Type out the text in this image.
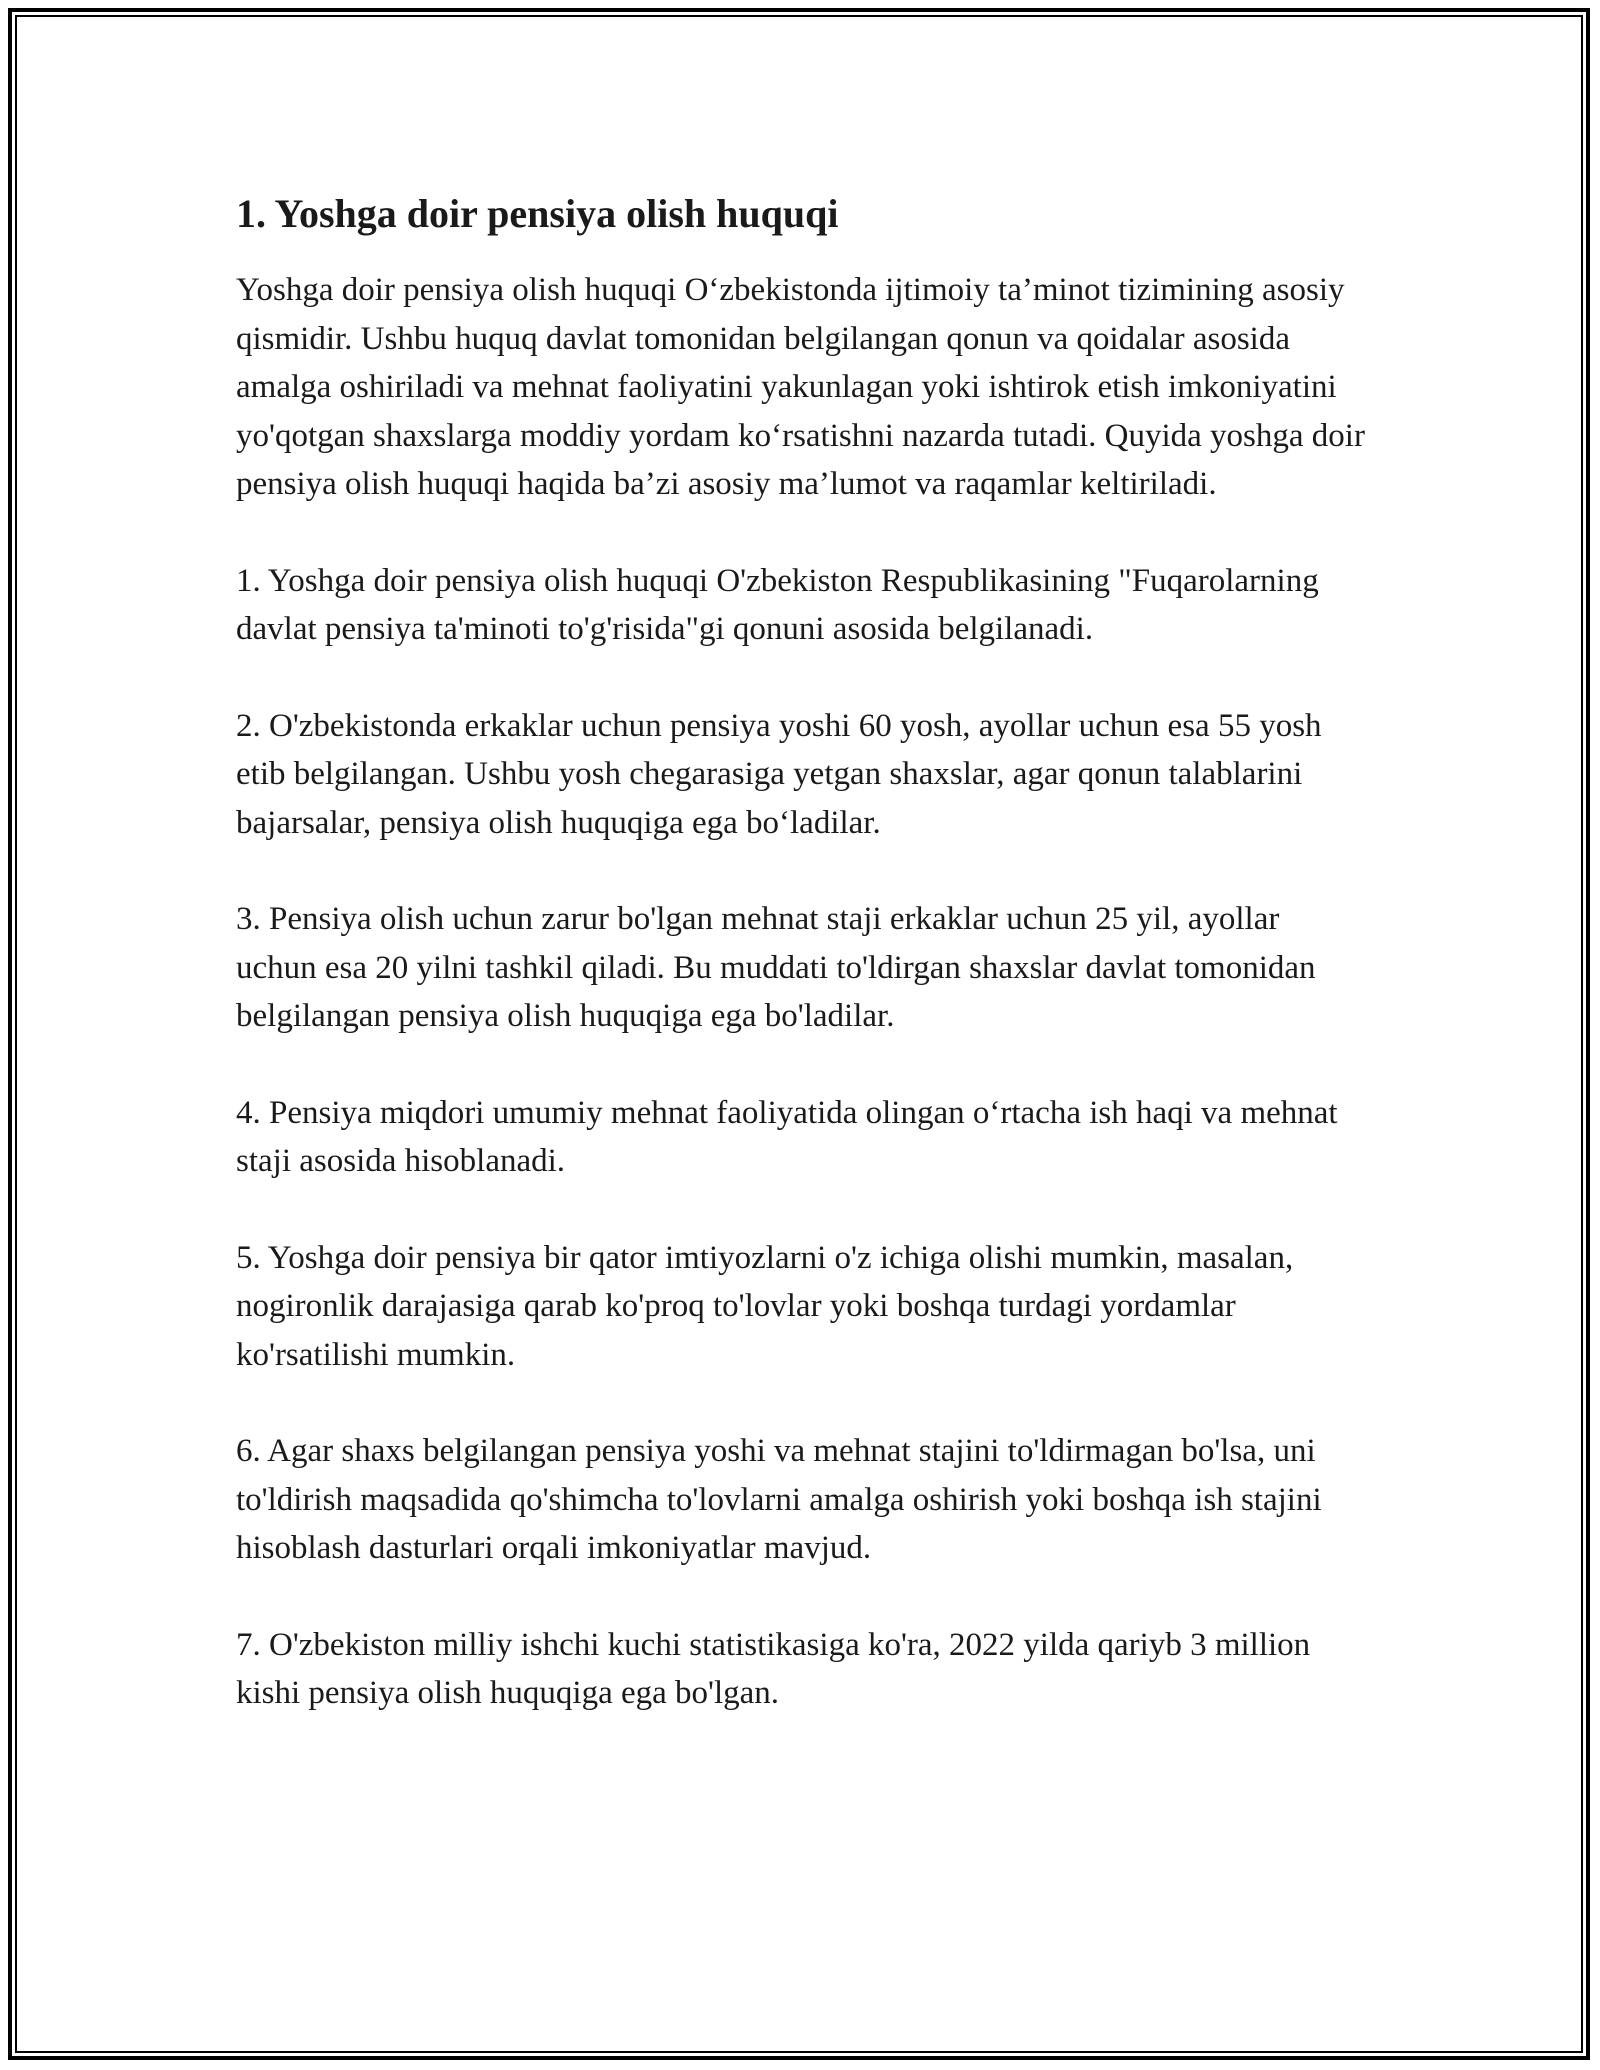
1. Yoshga doir pensiya olish huquqi

Yoshga doir pensiya olish huquqi O‘zbekistonda ijtimoiy ta’minot tizimining asosiy qismidir. Ushbu huquq davlat tomonidan belgilangan qonun va qoidalar asosida amalga oshiriladi va mehnat faoliyatini yakunlagan yoki ishtirok etish imkoniyatini yo'qotgan shaxslarga moddiy yordam ko‘rsatishni nazarda tutadi. Quyida yoshga doir pensiya olish huquqi haqida ba’zi asosiy ma’lumot va raqamlar keltiriladi.

1. Yoshga doir pensiya olish huquqi O'zbekiston Respublikasining "Fuqarolarning davlat pensiya ta'minoti to'g'risida"gi qonuni asosida belgilanadi.

2. O'zbekistonda erkaklar uchun pensiya yoshi 60 yosh, ayollar uchun esa 55 yosh etib belgilangan. Ushbu yosh chegarasiga yetgan shaxslar, agar qonun talablarini bajarsalar, pensiya olish huquqiga ega bo‘ladilar.

3. Pensiya olish uchun zarur bo'lgan mehnat staji erkaklar uchun 25 yil, ayollar uchun esa 20 yilni tashkil qiladi. Bu muddati to'ldirgan shaxslar davlat tomonidan belgilangan pensiya olish huquqiga ega bo'ladilar.

4. Pensiya miqdori umumiy mehnat faoliyatida olingan o‘rtacha ish haqi va mehnat staji asosida hisoblanadi.

5. Yoshga doir pensiya bir qator imtiyozlarni o'z ichiga olishi mumkin, masalan, nogironlik darajasiga qarab ko'proq to'lovlar yoki boshqa turdagi yordamlar ko'rsatilishi mumkin.

6. Agar shaxs belgilangan pensiya yoshi va mehnat stajini to'ldirmagan bo'lsa, uni to'ldirish maqsadida qo'shimcha to'lovlarni amalga oshirish yoki boshqa ish stajini hisoblash dasturlari orqali imkoniyatlar mavjud.

7. O'zbekiston milliy ishchi kuchi statistikasiga ko'ra, 2022 yilda qariyb 3 million kishi pensiya olish huquqiga ega bo'lgan.
